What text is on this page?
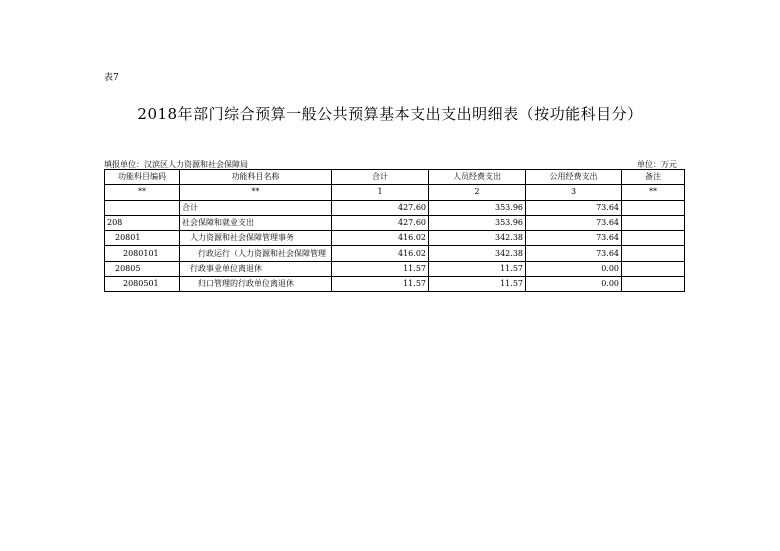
表7
2018年部门综合预算一般公共预算基本支出支出明细表（按功能科目分）
填报单位：汉滨区人力资源和社会保障局	单位：万元
功能科目编码	功能科目名称	合计	人员经费支出	公用经费支出	备注
**	**	1	2	3	**
	合计	427.60	353.96	73.64	
208	社会保障和就业支出	427.60	353.96	73.64	
20801	人力资源和社会保障管理事务	416.02	342.38	73.64	
2080101	行政运行（人力资源和社会保障管理	416.02	342.38	73.64	
20805	行政事业单位离退休	11.57	11.57	0.00	
2080501	归口管理的行政单位离退休	11.57	11.57	0.00	
